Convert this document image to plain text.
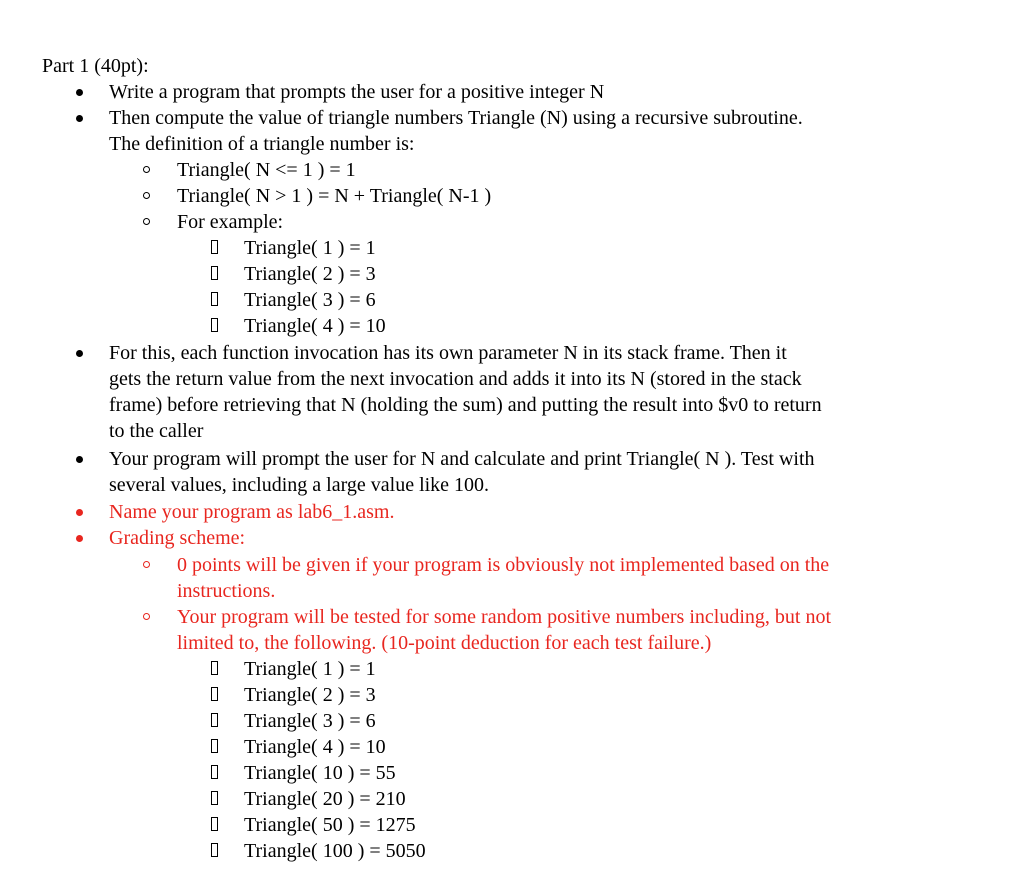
Part 1 (40pt):
Write a program that prompts the user for a positive integer N
Then compute the value of triangle numbers Triangle (N) using a recursive subroutine.
The definition of a triangle number is:
Triangle( N <= 1 ) = 1
Triangle( N > 1 ) = N + Triangle( N-1 )
For example:
Triangle( 1 ) = 1
Triangle( 2 ) = 3
Triangle( 3 ) = 6
Triangle( 4 ) = 10
For this, each function invocation has its own parameter N in its stack frame. Then it
gets the return value from the next invocation and adds it into its N (stored in the stack
frame) before retrieving that N (holding the sum) and putting the result into $v0 to return
to the caller
Your program will prompt the user for N and calculate and print Triangle( N ). Test with
several values, including a large value like 100.
Name your program as lab6_1.asm.
Grading scheme:
0 points will be given if your program is obviously not implemented based on the
instructions.
Your program will be tested for some random positive numbers including, but not
limited to, the following. (10-point deduction for each test failure.)
Triangle( 1 ) = 1
Triangle( 2 ) = 3
Triangle( 3 ) = 6
Triangle( 4 ) = 10
Triangle( 10 ) = 55
Triangle( 20 ) = 210
Triangle( 50 ) = 1275
Triangle( 100 ) = 5050
